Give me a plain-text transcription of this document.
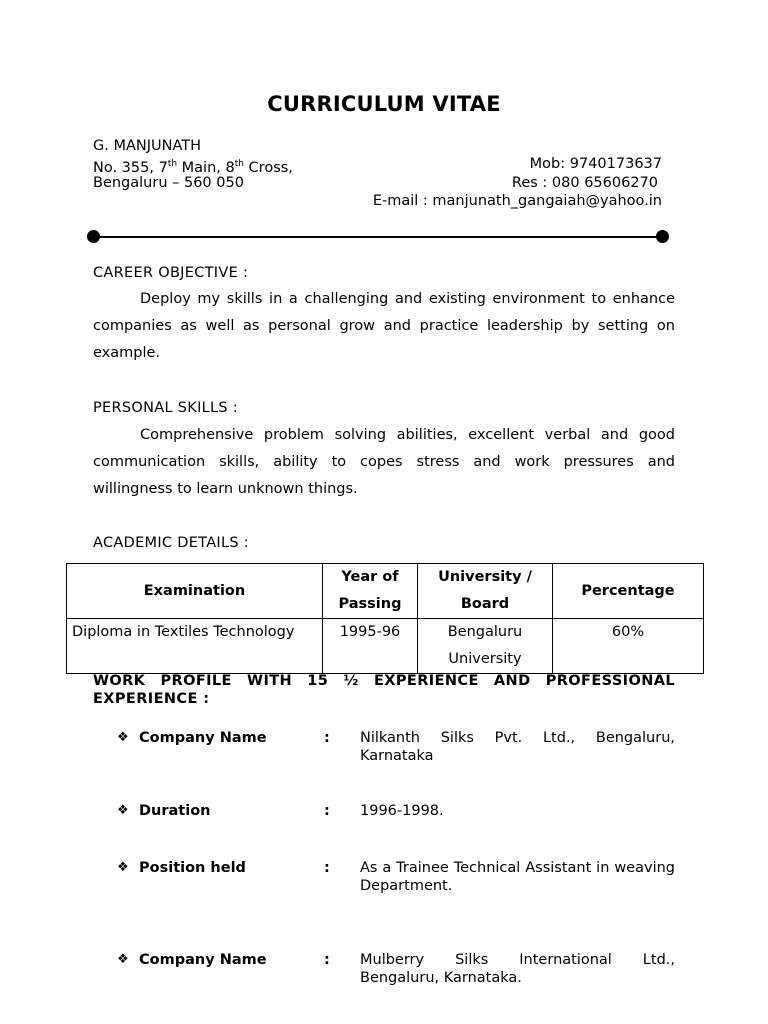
CURRICULUM VITAE
G. MANJUNATH
No. 355, 7th Main, 8th Cross,
Bengaluru – 560 050
Mob: 9740173637
Res : 080 65606270
E-mail : manjunath_gangaiah@yahoo.in
CAREER OBJECTIVE :
Deploy my skills in a challenging and existing environment to enhance companies as well as personal grow and practice leadership by setting on example.
PERSONAL SKILLS :
Comprehensive problem solving abilities, excellent verbal and good communication skills, ability to copes stress and work pressures and willingness to learn unknown things.
ACADEMIC DETAILS :
Examination	Year of Passing	University / Board	Percentage
Diploma in Textiles Technology	1995-96	Bengaluru University	60%
WORK PROFILE WITH 15 ½ EXPERIENCE AND PROFESSIONAL EXPERIENCE :
❖ Company Name	: Nilkanth Silks Pvt. Ltd., Bengaluru, Karnataka
❖ Duration	: 1996-1998.
❖ Position held	: As a Trainee Technical Assistant in weaving Department.
❖ Company Name	: Mulberry Silks International Ltd., Bengaluru, Karnataka.
